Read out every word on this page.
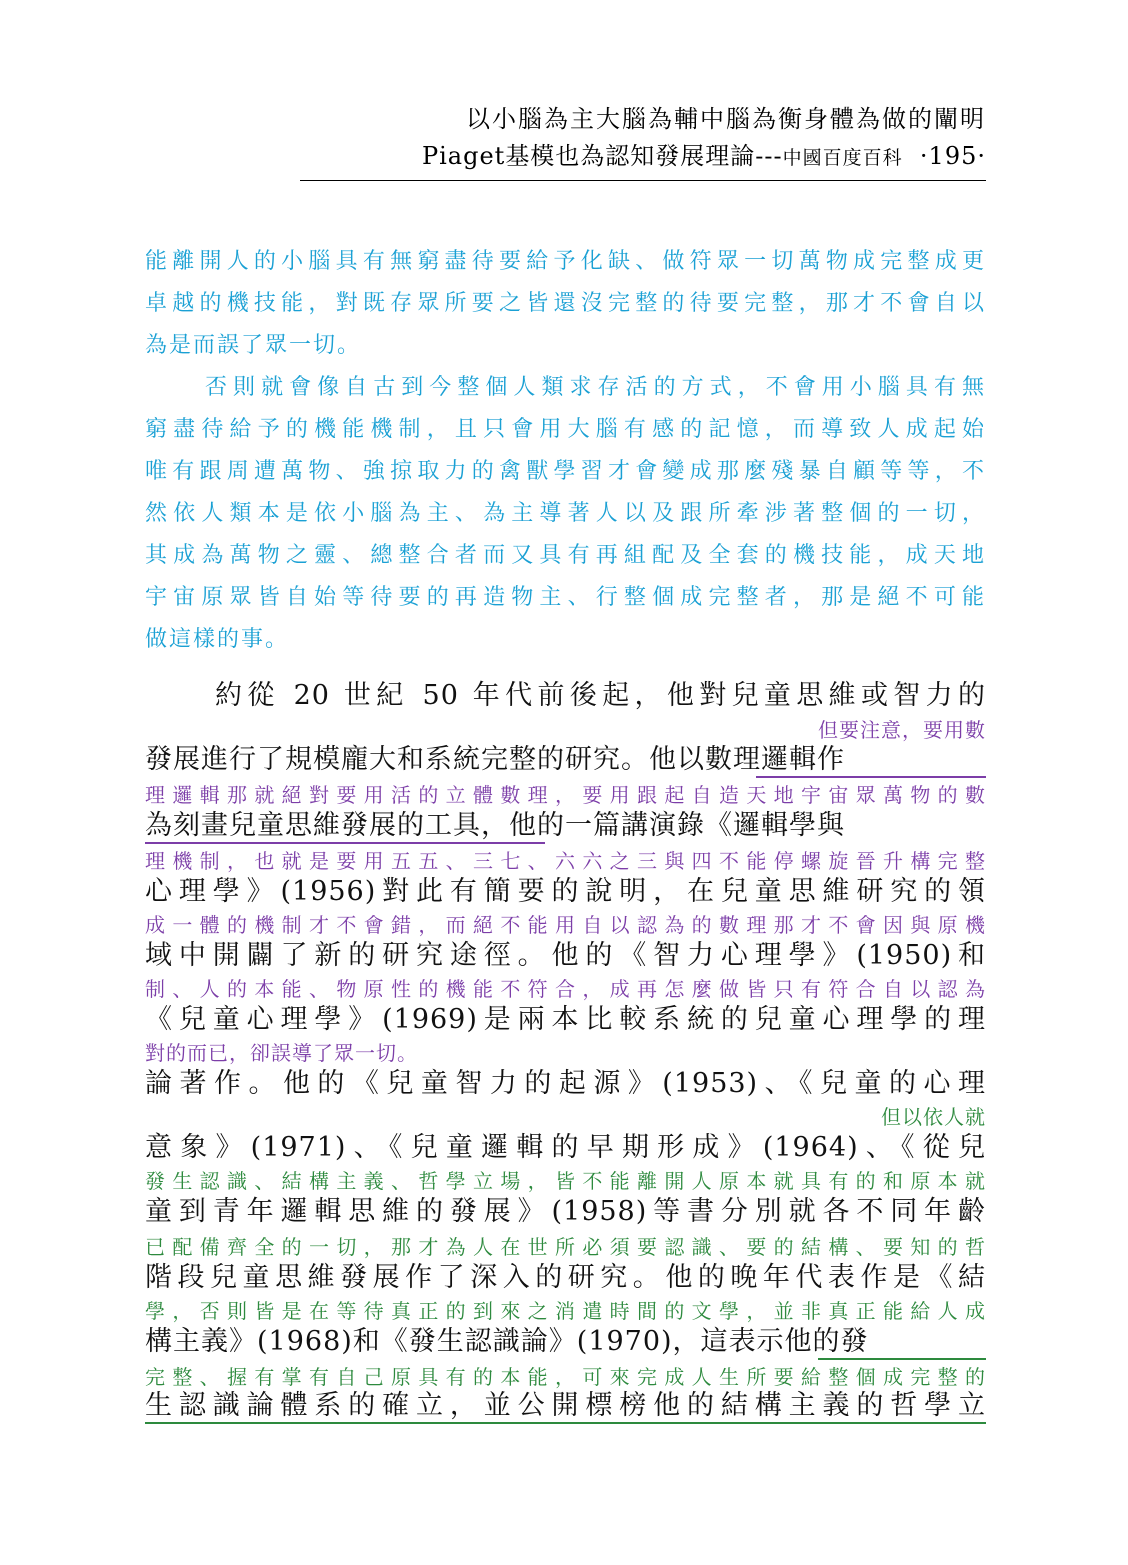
以小腦為主大腦為輔中腦為衡身體為做的闡明
Piaget基模也為認知發展理論---中國百度百科 ·195·
能離開人的小腦具有無窮盡待要給予化缺、做符眾一切萬物成完整成更
卓越的機技能，對既存眾所要之皆還沒完整的待要完整，那才不會自以
為是而誤了眾一切。
否則就會像自古到今整個人類求存活的方式，不會用小腦具有無
窮盡待給予的機能機制，且只會用大腦有感的記憶，而導致人成起始
唯有跟周遭萬物、強掠取力的禽獸學習才會變成那麼殘暴自顧等等，不
然依人類本是依小腦為主、為主導著人以及跟所牽涉著整個的一切，
其成為萬物之靈、總整合者而又具有再組配及全套的機技能，成天地
宇宙原眾皆自始等待要的再造物主、行整個成完整者，那是絕不可能
做這樣的事。
約從 20 世紀 50 年代前後起，他對兒童思維或智力的
但要注意，要用數
發展進行了規模龐大和系統完整的研究。他以數理邏輯作
理邏輯那就絕對要用活的立體數理，要用跟起自造天地宇宙眾萬物的數
為刻畫兒童思維發展的工具，他的一篇講演錄《邏輯學與
理機制，也就是要用五五、三七、六六之三與四不能停螺旋晉升構完整
心理學》(1956)對此有簡要的說明，在兒童思維研究的領
成一體的機制才不會錯，而絕不能用自以認為的數理那才不會因與原機
域中開闢了新的研究途徑。他的《智力心理學》(1950)和
制、人的本能、物原性的機能不符合，成再怎麼做皆只有符合自以認為
《兒童心理學》(1969)是兩本比較系統的兒童心理學的理
對的而已，卻誤導了眾一切。
論著作。他的《兒童智力的起源》(1953)、《兒童的心理
但以依人就
意象》(1971)、《兒童邏輯的早期形成》(1964)、《從兒
發生認識、結構主義、哲學立場，皆不能離開人原本就具有的和原本就
童到青年邏輯思維的發展》(1958)等書分別就各不同年齡
已配備齊全的一切，那才為人在世所必須要認識、要的結構、要知的哲
階段兒童思維發展作了深入的研究。他的晚年代表作是《結
學，否則皆是在等待真正的到來之消遣時間的文學，並非真正能給人成
構主義》(1968)和《發生認識論》(1970)，這表示他的發
完整、握有掌有自己原具有的本能，可來完成人生所要給整個成完整的
生認識論體系的確立，並公開標榜他的結構主義的哲學立
